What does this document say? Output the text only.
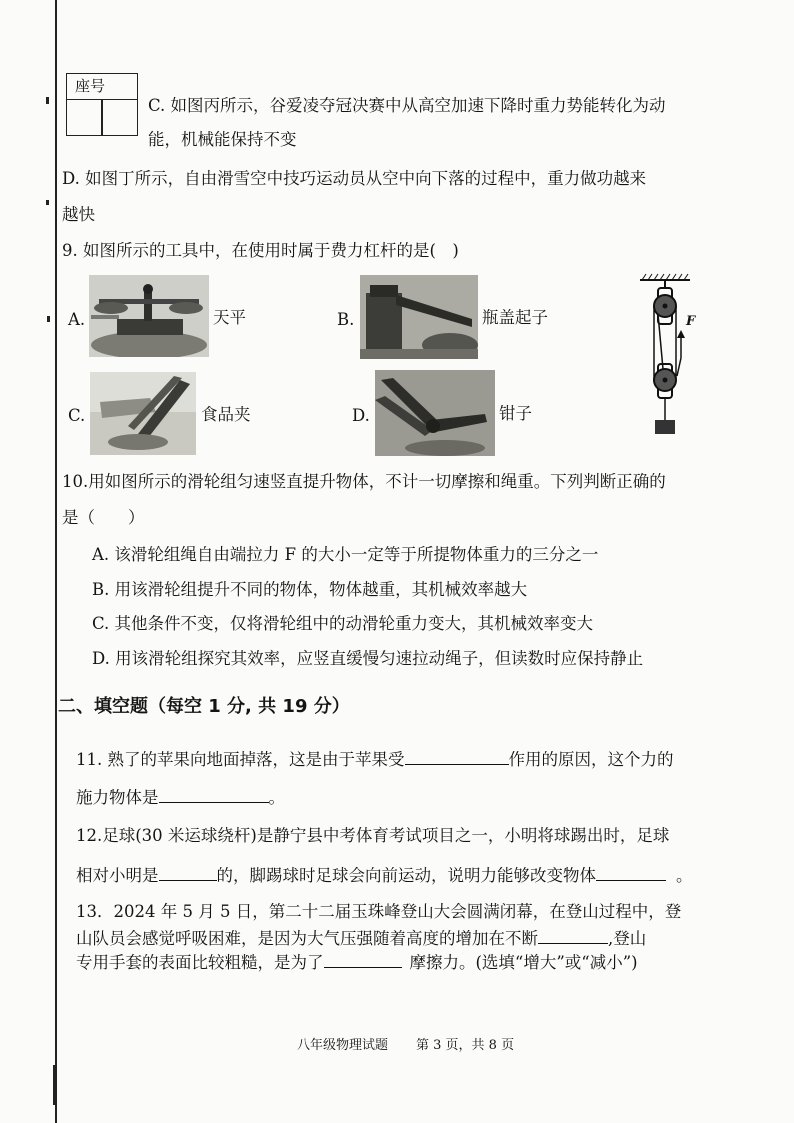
座号
C. 如图丙所示，谷爱凌夺冠决赛中从高空加速下降时重力势能转化为动
能，机械能保持不变
D. 如图丁所示，自由滑雪空中技巧运动员从空中向下落的过程中，重力做功越来
越快
9. 如图所示的工具中，在使用时属于费力杠杆的是(　)
A.	天平	B.	瓶盖起子
C.	食品夹	D.	钳子
F
10.用如图所示的滑轮组匀速竖直提升物体，不计一切摩擦和绳重。下列判断正确的
是（　　）
A. 该滑轮组绳自由端拉力 F 的大小一定等于所提物体重力的三分之一
B. 用该滑轮组提升不同的物体，物体越重，其机械效率越大
C. 其他条件不变，仅将滑轮组中的动滑轮重力变大，其机械效率变大
D. 用该滑轮组探究其效率，应竖直缓慢匀速拉动绳子，但读数时应保持静止
二、填空题（每空 1 分, 共 19 分）
11. 熟了的苹果向地面掉落，这是由于苹果受	作用的原因，这个力的
施力物体是	。
12.足球(30 米运球绕杆)是静宁县中考体育考试项目之一，小明将球踢出时，足球
相对小明是	的，脚踢球时足球会向前运动，说明力能够改变物体	。
13．2024 年 5 月 5 日，第二十二届玉珠峰登山大会圆满闭幕，在登山过程中，登
山队员会感觉呼吸困难，是因为大气压强随着高度的增加在不断	,登山
专用手套的表面比较粗糙，是为了	摩擦力。(选填“增大”或“减小”)
八年级物理试题 第 3 页，共 8 页
